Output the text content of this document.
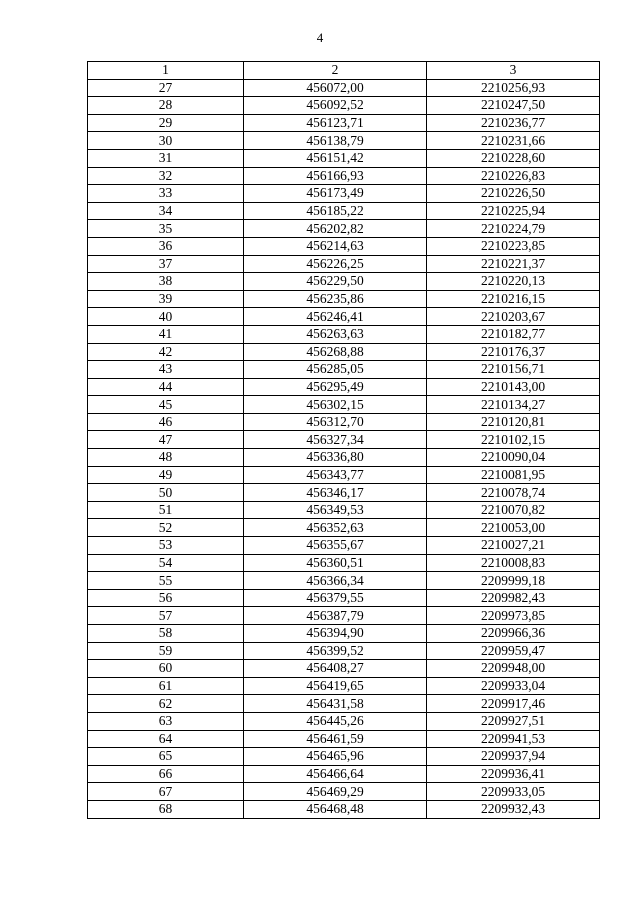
4
1	2	3
27	456072,00	2210256,93
28	456092,52	2210247,50
29	456123,71	2210236,77
30	456138,79	2210231,66
31	456151,42	2210228,60
32	456166,93	2210226,83
33	456173,49	2210226,50
34	456185,22	2210225,94
35	456202,82	2210224,79
36	456214,63	2210223,85
37	456226,25	2210221,37
38	456229,50	2210220,13
39	456235,86	2210216,15
40	456246,41	2210203,67
41	456263,63	2210182,77
42	456268,88	2210176,37
43	456285,05	2210156,71
44	456295,49	2210143,00
45	456302,15	2210134,27
46	456312,70	2210120,81
47	456327,34	2210102,15
48	456336,80	2210090,04
49	456343,77	2210081,95
50	456346,17	2210078,74
51	456349,53	2210070,82
52	456352,63	2210053,00
53	456355,67	2210027,21
54	456360,51	2210008,83
55	456366,34	2209999,18
56	456379,55	2209982,43
57	456387,79	2209973,85
58	456394,90	2209966,36
59	456399,52	2209959,47
60	456408,27	2209948,00
61	456419,65	2209933,04
62	456431,58	2209917,46
63	456445,26	2209927,51
64	456461,59	2209941,53
65	456465,96	2209937,94
66	456466,64	2209936,41
67	456469,29	2209933,05
68	456468,48	2209932,43
